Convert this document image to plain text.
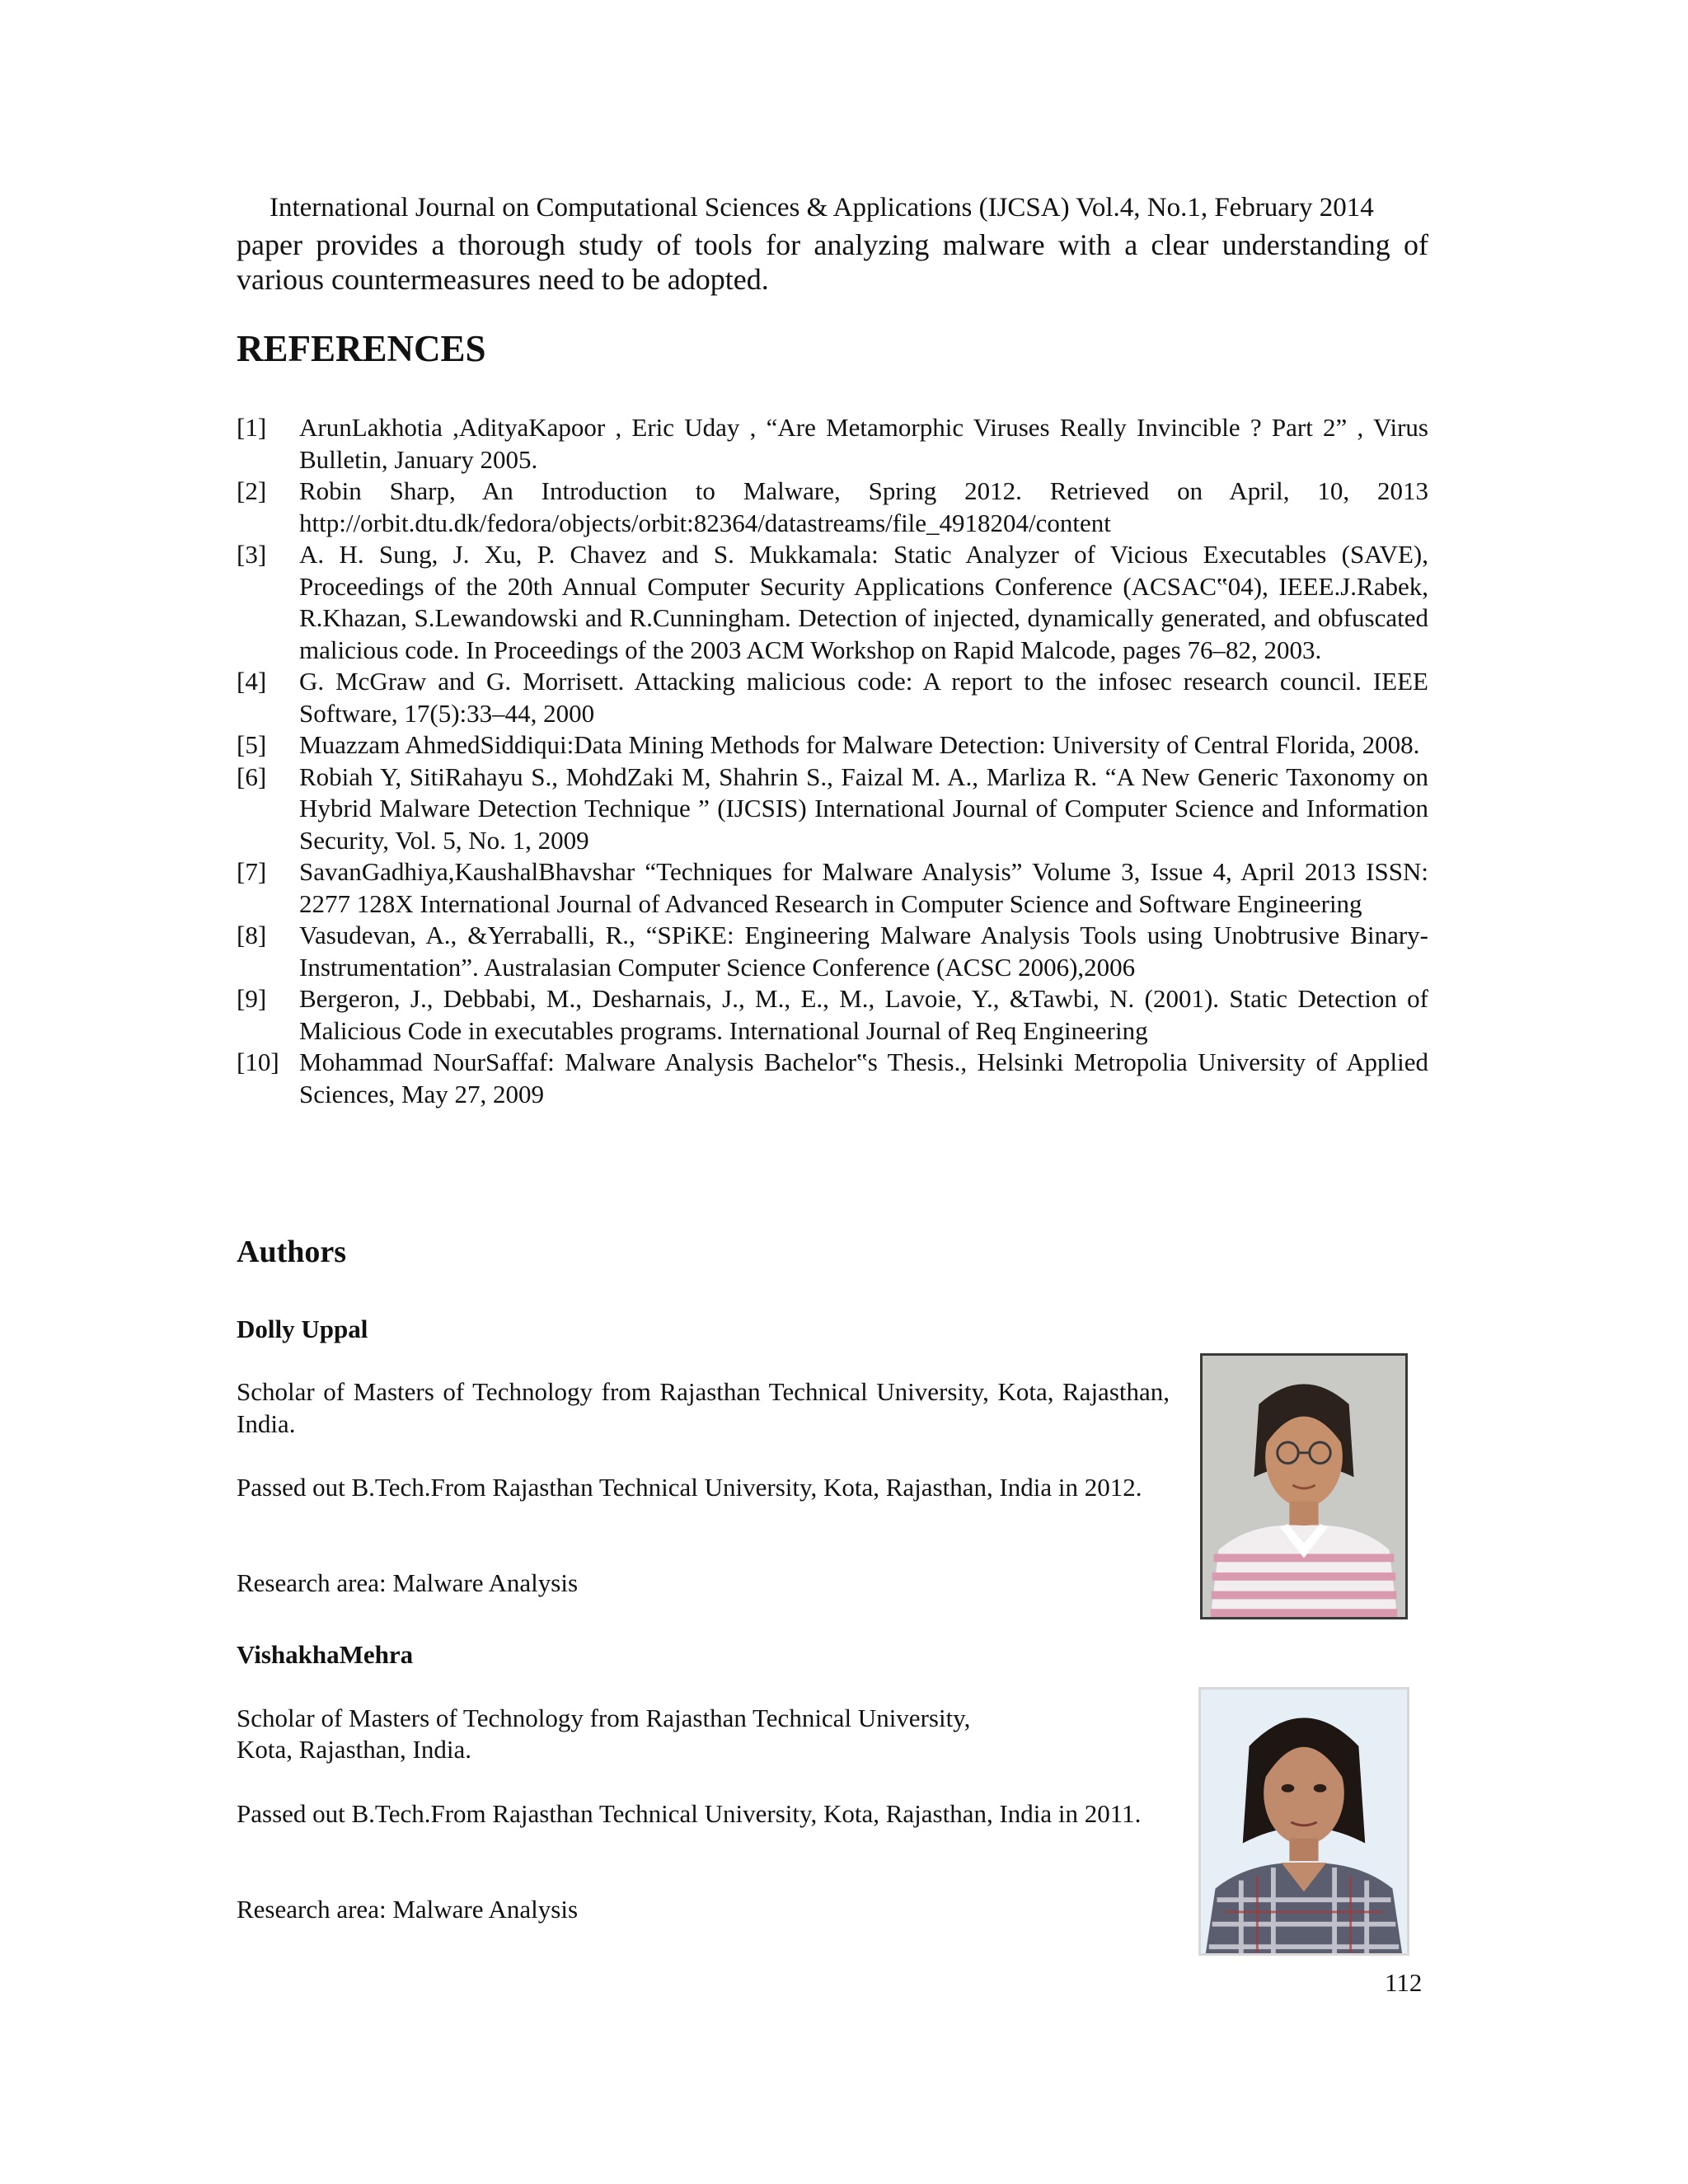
International Journal on Computational Sciences & Applications (IJCSA) Vol.4, No.1, February 2014

paper provides a thorough study of tools for analyzing malware with a clear understanding of various countermeasures need to be adopted.

REFERENCES
[1]	ArunLakhotia ,AdityaKapoor , Eric Uday , “Are Metamorphic Viruses Really Invincible ? Part 2” , Virus Bulletin, January 2005.
[2]	Robin Sharp, An Introduction to Malware, Spring 2012. Retrieved on April, 10, 2013 http://orbit.dtu.dk/fedora/objects/orbit:82364/datastreams/file_4918204/content
[3]	A. H. Sung, J. Xu, P. Chavez and S. Mukkamala: Static Analyzer of Vicious Executables (SAVE), Proceedings of the 20th Annual Computer Security Applications Conference (ACSAC‟04), IEEE.J.Rabek, R.Khazan, S.Lewandowski and R.Cunningham. Detection of injected, dynamically generated, and obfuscated malicious code. In Proceedings of the 2003 ACM Workshop on Rapid Malcode, pages 76–82, 2003.
[4]	G. McGraw and G. Morrisett. Attacking malicious code: A report to the infosec research council. IEEE Software, 17(5):33–44, 2000
[5]	Muazzam AhmedSiddiqui:Data Mining Methods for Malware Detection: University of Central Florida, 2008.
[6]	Robiah Y, SitiRahayu S., MohdZaki M, Shahrin S., Faizal M. A., Marliza R. “A New Generic Taxonomy on Hybrid Malware Detection Technique ” (IJCSIS) International Journal of Computer Science and Information Security, Vol. 5, No. 1, 2009
[7]	SavanGadhiya,KaushalBhavshar “Techniques for Malware Analysis” Volume 3, Issue 4, April 2013 ISSN: 2277 128X International Journal of Advanced Research in Computer Science and Software Engineering
[8]	Vasudevan, A., &Yerraballi, R., “SPiKE: Engineering Malware Analysis Tools using Unobtrusive Binary-Instrumentation”. Australasian Computer Science Conference (ACSC 2006),2006
[9]	Bergeron, J., Debbabi, M., Desharnais, J., M., E., M., Lavoie, Y., &Tawbi, N. (2001). Static Detection of Malicious Code in executables programs. International Journal of Req Engineering
[10] Mohammad NourSaffaf: Malware Analysis Bachelor‟s Thesis., Helsinki Metropolia University of Applied Sciences, May 27, 2009
Authors
Dolly Uppal

Scholar of Masters of Technology from Rajasthan Technical University, Kota, Rajasthan, India.

Passed out B.Tech.From Rajasthan Technical University, Kota, Rajasthan, India in 2012.

Research area: Malware Analysis

VishakhaMehra

Scholar of Masters of Technology from Rajasthan Technical University,

Kota, Rajasthan, India.

Passed out B.Tech.From Rajasthan Technical University, Kota, Rajasthan, India in 2011.

Research area: Malware Analysis

112
